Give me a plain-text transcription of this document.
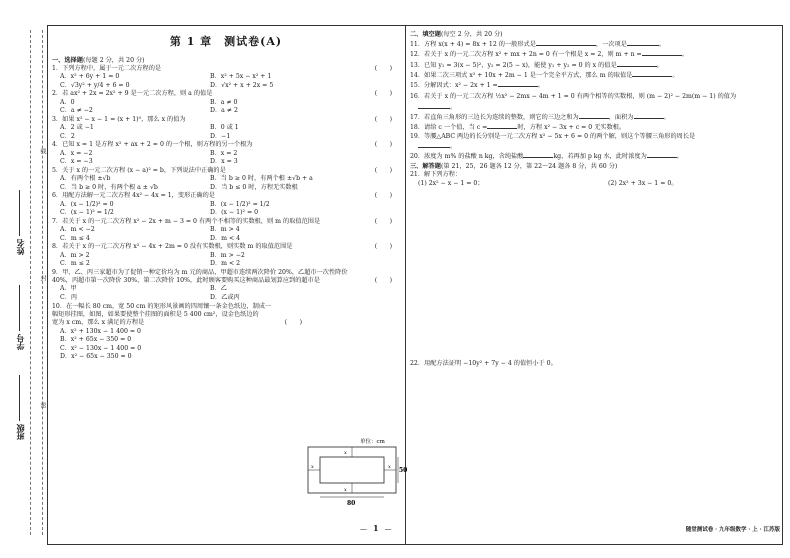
线
封
密
姓名
学号
班级
第 1 章　测试卷(A)
一、选择题(每题 2 分，共 20 分)
1．下列方程中，属于一元二次方程的是	(　　)
A．x² + 6y + 1 = 0	B．x² + 5x − x² + 1
C．√3y² + y/4 + 6 = 0	D．√x² + x + 2x = 5
2．若 ax² + 2x = 2x² + 9 是一元二次方程，则 a 的值是	(　　)
A．0	B．a ≠ 0
C．a ≠ −2	D．a ≠ 2
3．如果 x² − x − 1 = (x + 1)⁰，那么 x 的值为	(　　)
A．2 或 −1	B．0 或 1
C．2	D．−1
4．已知 x = 1 是方程 x² + ax + 2 = 0 的一个根，则方程的另一个根为	(　　)
A．x = −2	B．x = 2
C．x = −3	D．x = 3
5．关于 x 的一元二次方程 (x − a)² = b，下列说法中正确的是	(　　)
A．有两个根 ±√b	B．当 b ≥ 0 时，有两个根 ±√b + a
C．当 b ≥ 0 时，有两个根 a ± √b	D．当 b ≤ 0 时，方程无实数根
6．用配方法解一元二次方程 4x² − 4x = 1，变形正确的是	(　　)
A．(x − 1/2)² = 0	B．(x − 1/2)² = 1/2
C．(x − 1)² = 1/2	D．(x − 1)² = 0
7．若关于 x 的一元二次方程 x² − 2x + m − 3 = 0 有两个不相等的实数根，则 m 的取值范围是	(　　)
A．m < −2	B．m > 4
C．m ≤ 4	D．m < 4
8．若关于 x 的一元二次方程 x² − 4x + 2m = 0 没有实数根，则实数 m 的取值范围是	(　　)
A．m > 2	B．m > −2
C．m ≤ 2	D．m < 2
9．甲、乙、丙三家超市为了促销一种定价均为 m 元的商品，甲超市连续两次降价 20%，乙超市一次性降价
40%，丙超市第一次降价 30%，第二次降价 10%，此时顾客要购买这种商品最划算应到的超市是	(　　)
A．甲	B．乙
C．丙	D．乙或丙
10．在一幅长 80 cm，宽 50 cm 的矩形风景画的四周镶一条金色纸边，制成一
幅矩形挂图，如图，如果要使整个挂图的面积是 5 400 cm²，设金色纸边的
宽为 x cm，那么 x 满足的方程是	(　　)
A．x² + 130x − 1 400 = 0
B．x² + 65x − 350 = 0
C．x² − 130x − 1 400 = 0
D．x² − 65x − 350 = 0
单位：cm
x
x
x	x 50
80
二、填空题(每空 2 分，共 20 分)
11．方程 x(x + 4) = 8x + 12 的一般形式是	，一次项是	。
12．若关于 x 的一元二次方程 x² + mx + 2n = 0 有一个根是 x = 2，则 m + n =	。
13．已知 y₁ = 3(x − 5)²，y₂ = 2(5 − x)，能使 y₁ + y₂ = 0 的 x 的值是	。
14．如果二次三项式 x² + 10x + 2m − 1 是一个完全平方式，那么 m 的取值是	。
15．分解因式：x² − 2x + 1 =	。
16．若关于 x 的一元二次方程 ½x² − 2mx − 4m + 1 = 0 有两个相等的实数根，则 (m − 2)² − 2m(m − 1) 的值为
。
17．若直角三角形的三边长为连续的整数，则它的三边之和为	，面积为	。
18．请给 c 一个值，当 c =	时，方程 x² − 3x + c = 0 无实数根。
19．等腰△ABC 两边的长分别是一元二次方程 x² − 5x + 6 = 0 的两个解，则这个等腰三角形的周长是
。
20．浓度为 m% 的盐酸 n kg，含纯盐酸	kg，若再加 p kg 水，此时浓度为	。
三、解答题(第 21，25，26 题各 12 分，第 22～24 题各 8 分，共 60 分)
21．解下列方程：
(1) 2x² − x − 1 = 0；	(2) 2x² + 3x − 1 = 0。
22．用配方法证明 −10y² + 7y − 4 的值恒小于 0。
— 1 —	随堂测试卷 · 九年级数学 · 上 · 江苏版
